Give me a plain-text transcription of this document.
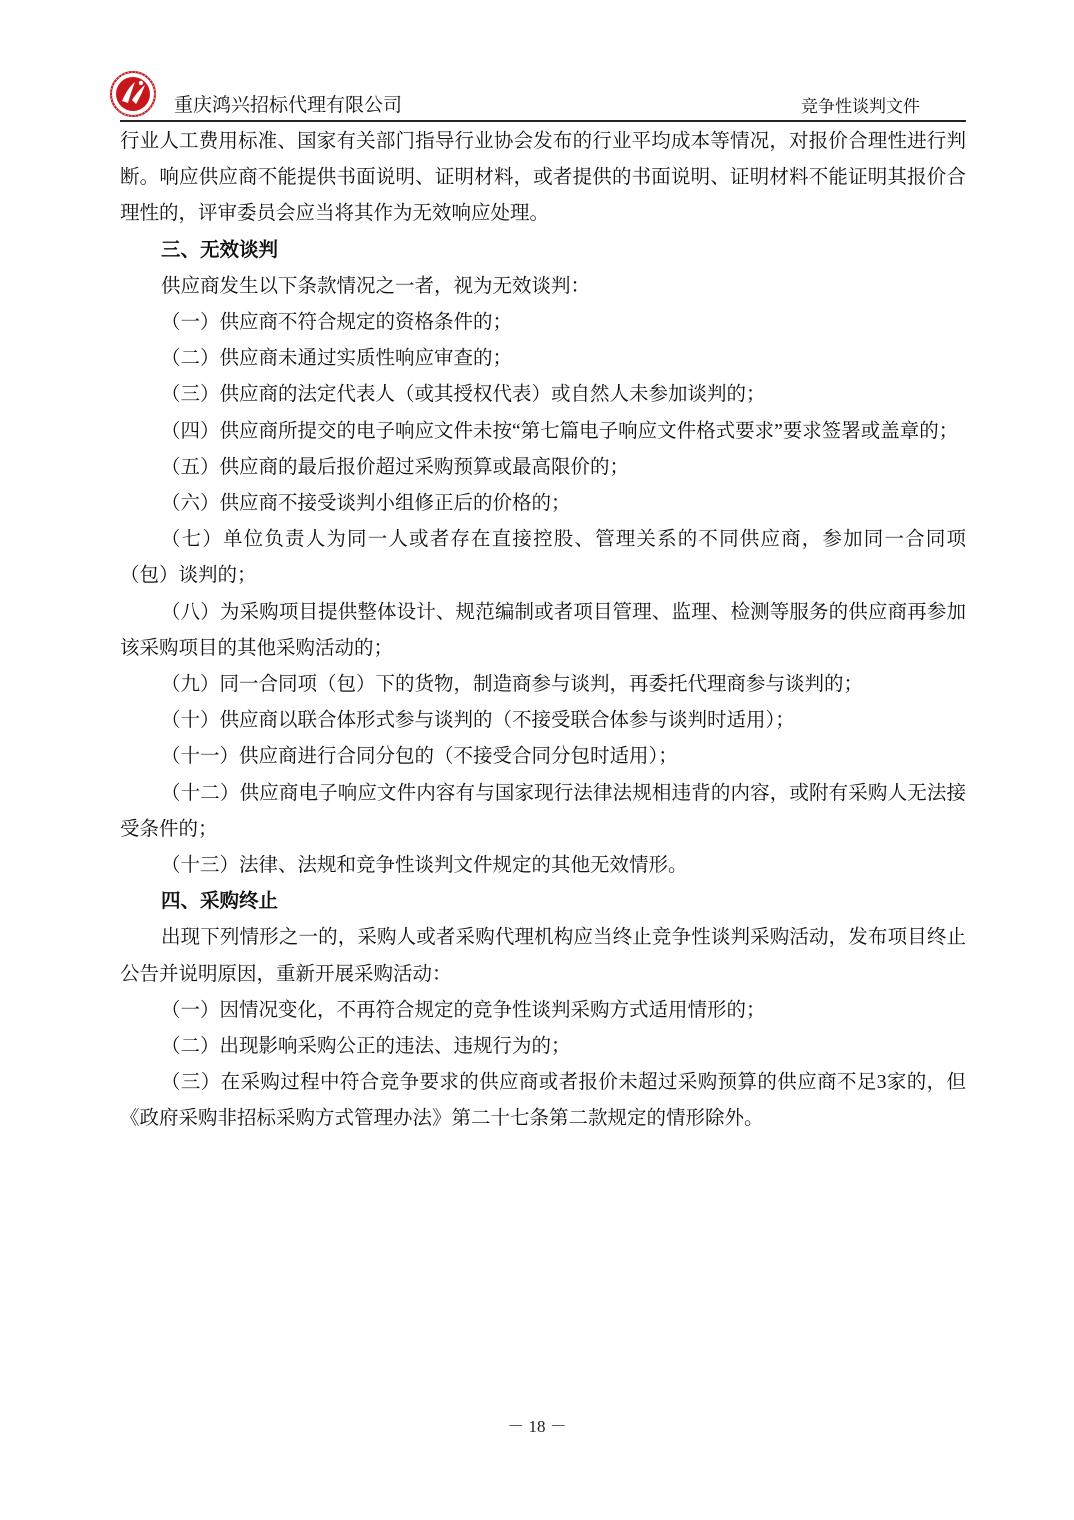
重庆鸿兴招标代理有限公司	竞争性谈判文件

行业人工费用标准、国家有关部门指导行业协会发布的行业平均成本等情况，对报价合理性进行判断。响应供应商不能提供书面说明、证明材料，或者提供的书面说明、证明材料不能证明其报价合理性的，评审委员会应当将其作为无效响应处理。

三、无效谈判

供应商发生以下条款情况之一者，视为无效谈判：

（一）供应商不符合规定的资格条件的；

（二）供应商未通过实质性响应审查的；

（三）供应商的法定代表人（或其授权代表）或自然人未参加谈判的；

（四）供应商所提交的电子响应文件未按“第七篇电子响应文件格式要求”要求签署或盖章的；

（五）供应商的最后报价超过采购预算或最高限价的；

（六）供应商不接受谈判小组修正后的价格的；

（七）单位负责人为同一人或者存在直接控股、管理关系的不同供应商，参加同一合同项（包）谈判的；

（八）为采购项目提供整体设计、规范编制或者项目管理、监理、检测等服务的供应商再参加该采购项目的其他采购活动的；

（九）同一合同项（包）下的货物，制造商参与谈判，再委托代理商参与谈判的；

（十）供应商以联合体形式参与谈判的（不接受联合体参与谈判时适用）；

（十一）供应商进行合同分包的（不接受合同分包时适用）；

（十二）供应商电子响应文件内容有与国家现行法律法规相违背的内容，或附有采购人无法接受条件的；

（十三）法律、法规和竞争性谈判文件规定的其他无效情形。

四、采购终止

出现下列情形之一的，采购人或者采购代理机构应当终止竞争性谈判采购活动，发布项目终止公告并说明原因，重新开展采购活动：

（一）因情况变化，不再符合规定的竞争性谈判采购方式适用情形的；

（二）出现影响采购公正的违法、违规行为的；

（三）在采购过程中符合竞争要求的供应商或者报价未超过采购预算的供应商不足3家的，但《政府采购非招标采购方式管理办法》第二十七条第二款规定的情形除外。

－ 18 －
